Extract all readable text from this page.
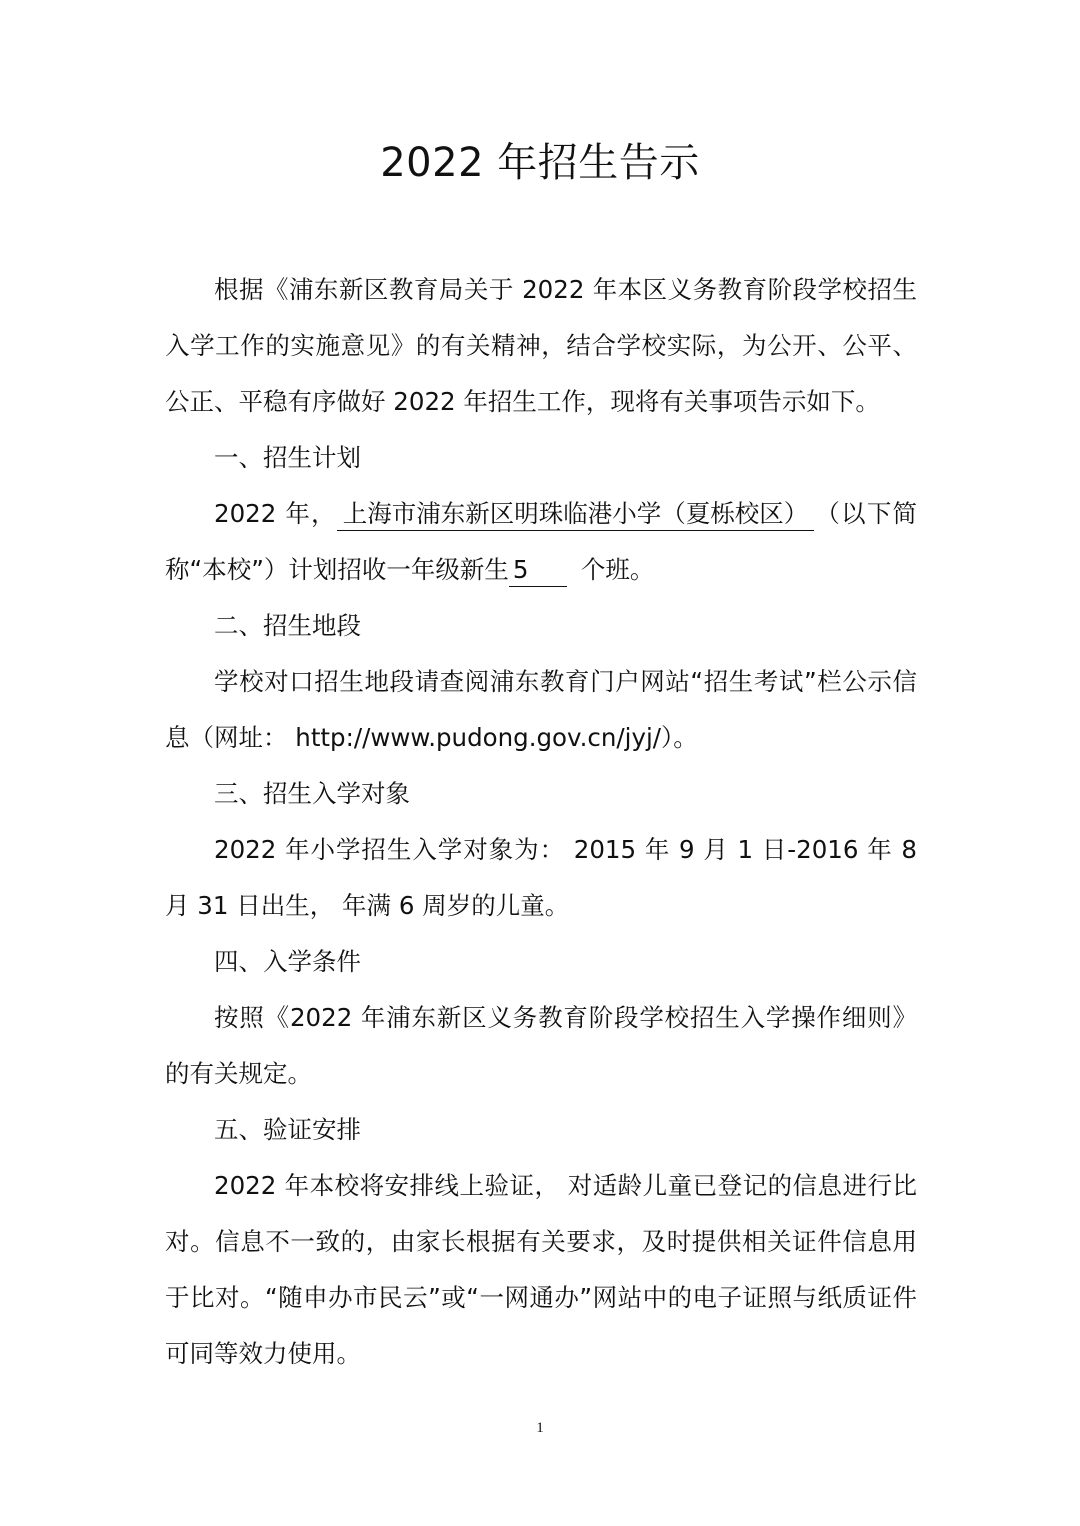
2022 年招生告示

根据《浦东新区教育局关于 2022 年本区义务教育阶段学校招生入学工作的实施意见》的有关精神，结合学校实际，为公开、公平、公正、平稳有序做好 2022 年招生工作，现将有关事项告示如下。

一、招生计划

2022 年， 上海市浦东新区明珠临港小学（夏栎校区） （以下简称“本校”）计划招收一年级新生 5 个班。

二、招生地段

学校对口招生地段请查阅浦东教育门户网站“招生考试”栏公示信息（网址： http://www.pudong.gov.cn/jyj/）。

三、招生入学对象

2022 年小学招生入学对象为： 2015 年 9 月 1 日-2016 年 8 月 31 日出生， 年满 6 周岁的儿童。

四、入学条件

按照《2022 年浦东新区义务教育阶段学校招生入学操作细则》的有关规定。

五、验证安排

2022 年本校将安排线上验证， 对适龄儿童已登记的信息进行比对。信息不一致的，由家长根据有关要求，及时提供相关证件信息用于比对。“随申办市民云”或“一网通办”网站中的电子证照与纸质证件可同等效力使用。

1
